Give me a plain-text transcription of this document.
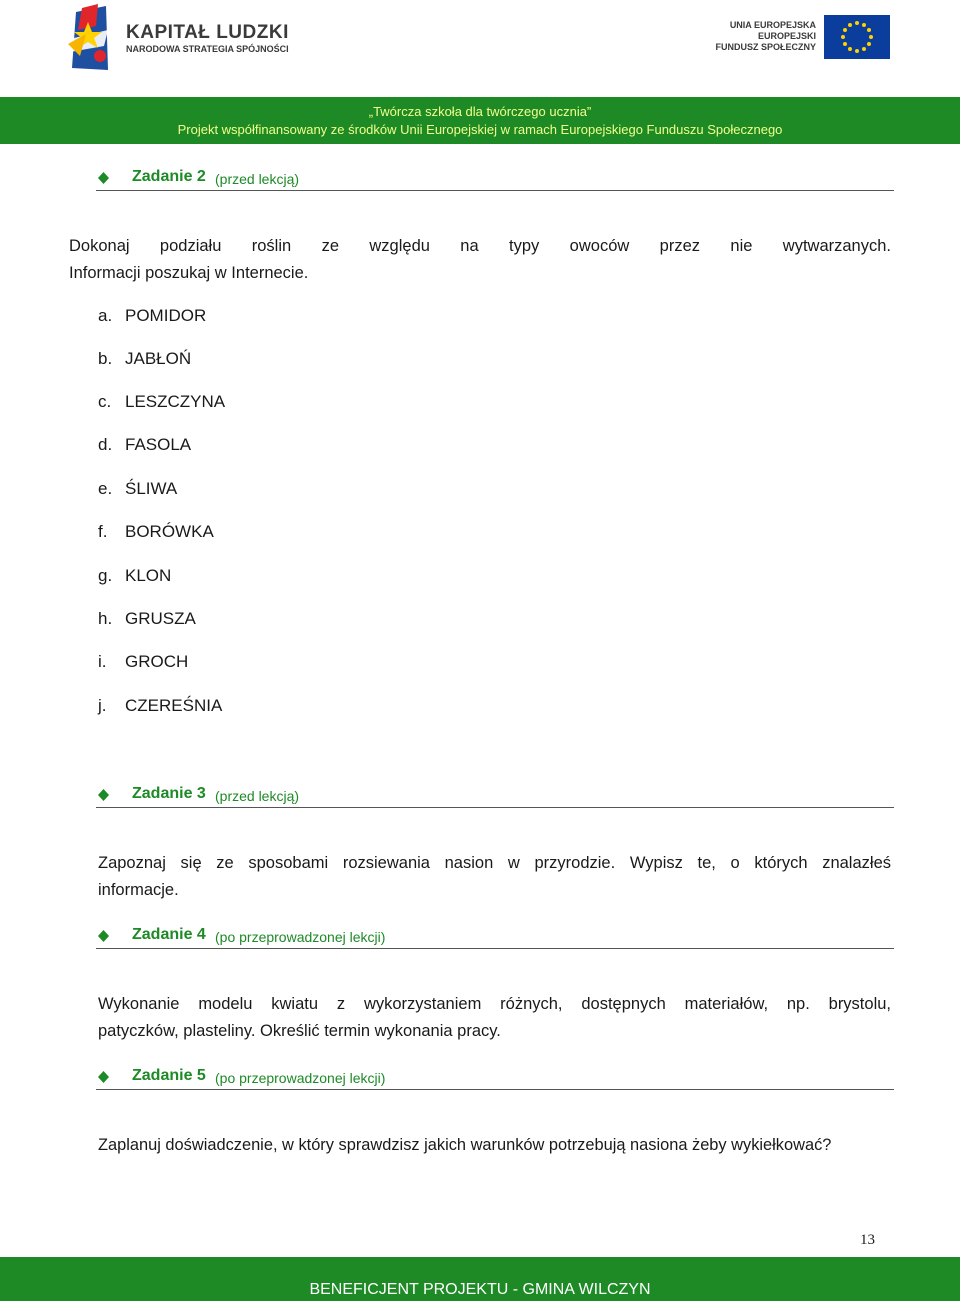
KAPITAŁ LUDZKI
NARODOWA STRATEGIA SPÓJNOŚCI
UNIA EUROPEJSKA
EUROPEJSKI
FUNDUSZ SPOŁECZNY
„Twórcza szkoła dla twórczego ucznia”
Projekt współfinansowany ze środków Unii Europejskiej w ramach Europejskiego Funduszu Społecznego
Zadanie 2 (przed lekcją)
Dokonaj podziału roślin ze względu na typy owoców przez nie wytwarzanych.
Informacji poszukaj w Internecie.
a. POMIDOR
b. JABŁOŃ
c. LESZCZYNA
d. FASOLA
e. ŚLIWA
f. BORÓWKA
g. KLON
h. GRUSZA
i. GROCH
j. CZEREŚNIA
Zadanie 3 (przed lekcją)
Zapoznaj się ze sposobami rozsiewania nasion w przyrodzie. Wypisz te, o których znalazłeś
informacje.
Zadanie 4 (po przeprowadzonej lekcji)
Wykonanie modelu kwiatu z wykorzystaniem różnych, dostępnych materiałów, np. brystolu,
patyczków, plasteliny. Określić termin wykonania pracy.
Zadanie 5 (po przeprowadzonej lekcji)
Zaplanuj doświadczenie, w który sprawdzisz jakich warunków potrzebują nasiona żeby wykiełkować?
13
BENEFICJENT PROJEKTU - GMINA WILCZYN
